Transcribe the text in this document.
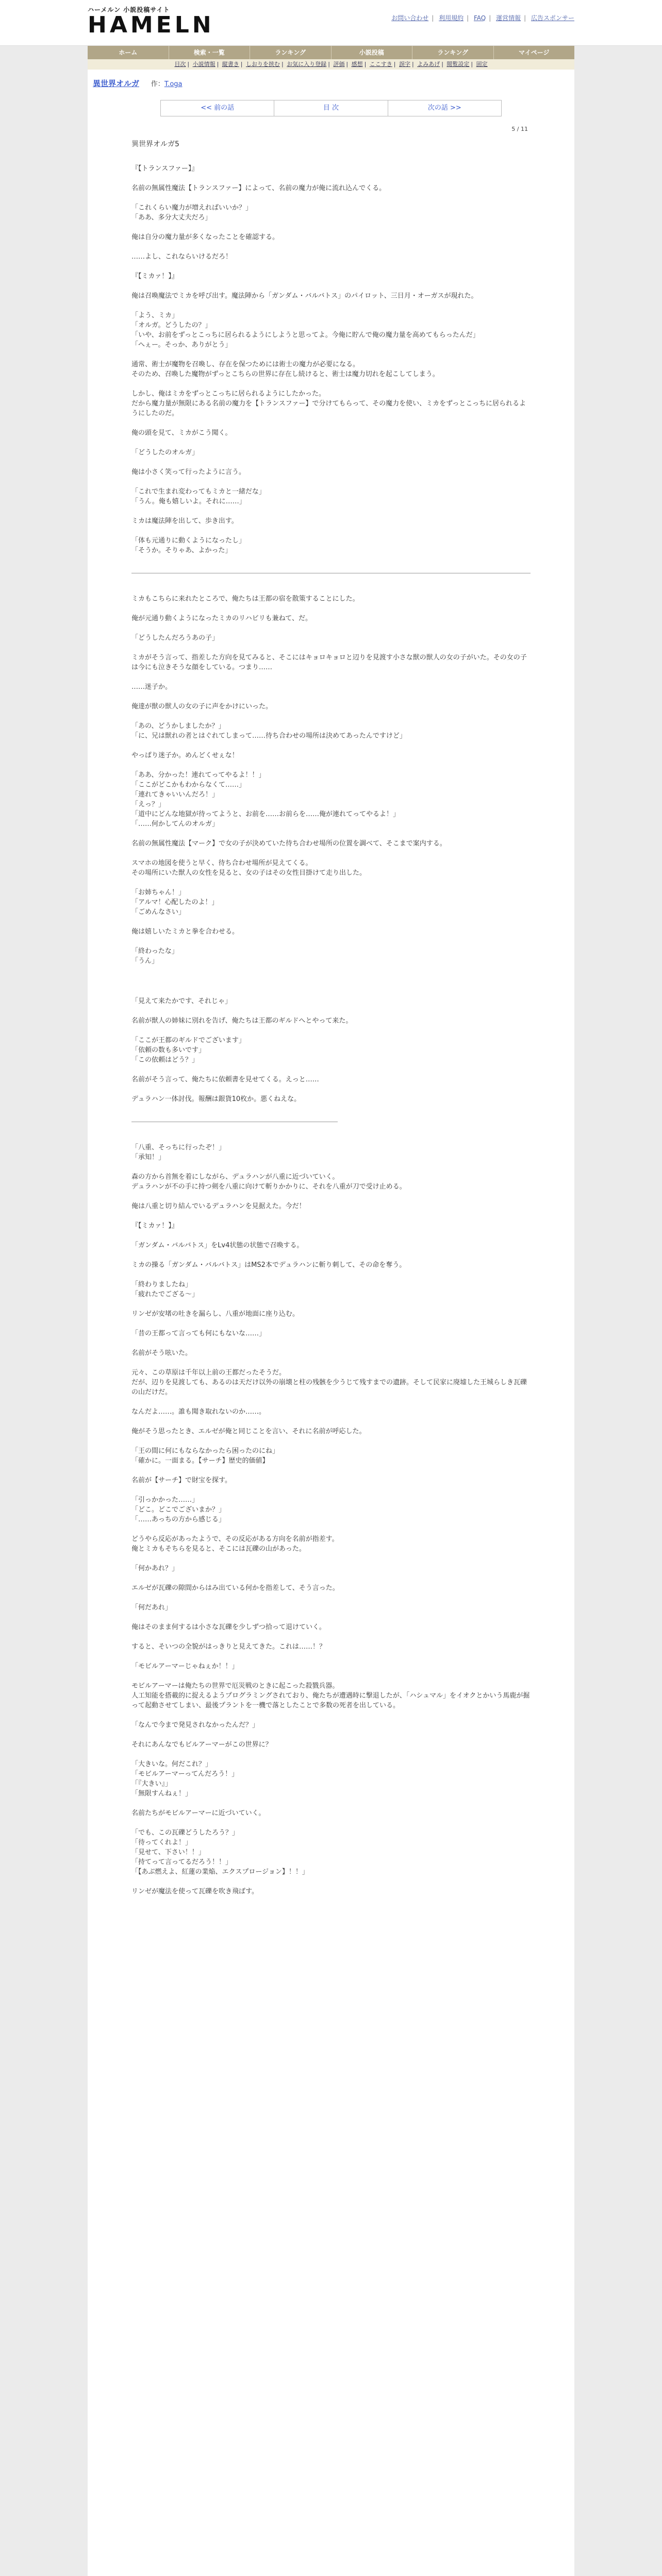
ハーメルン 小説投稿サイト
HAMELN	お問い合わせ | 利用規約 | FAQ | 運営情報 | 広告スポンサー
ホーム	検索・一覧	ランキング	小説投稿	ランキング	マイページ
目次 | 小説情報 | 縦書き | しおりを挟む | お気に入り登録 | 評価 | 感想 | ここすき | 誤字 | よみあげ | 閲覧設定 | 固定
異世界オルガ 作：T.oga
<< 前の話	目 次	次の話 >>
5 / 11
異世界オルガ5
『【トランスファー】』
名前の無属性魔法【トランスファー】によって、名前の魔力が俺に流れ込んでくる。
「これくらい魔力が増えればいいか？」
「ああ、多分大丈夫だろ」
俺は自分の魔力量が多くなったことを確認する。
……よし、これならいけるだろ！
『【ミカァ！】』
俺は召喚魔法でミカを呼び出す。魔法陣から「ガンダム・バルバトス」のパイロット、三日月・オーガスが現れた。
「よう、ミカ」
「オルガ。どうしたの？」
「いや、お前をずっとこっちに居られるようにしようと思ってよ。今俺に貯んで俺の魔力量を高めてもらったんだ」
「へぇー。そっか、ありがとう」
通常、術士が魔物を召喚し、存在を保つためには術士の魔力が必要になる。
そのため、召喚した魔物がずっとこちらの世界に存在し続けると、術士は魔力切れを起こしてしまう。
しかし、俺はミカをずっとこっちに居られるようにしたかった。
だから魔力量が無限にある名前の魔力を【トランスファー】で分けてもらって、その魔力を使い、ミカをずっとこっちに居られるようにしたのだ。
俺の頭を見て、ミカがこう聞く。
「どうしたのオルガ」
俺は小さく笑って行ったように言う。
「これで生まれ変わってもミカと一緒だな」
「うん。俺も嬉しいよ。それに……」
ミカは魔法陣を出して、歩き出す。
「体も元通りに動くようになったし」
「そうか。そりゃあ、よかった」
ミカもこちらに来れたところで、俺たちは王都の宿を散策することにした。
俺が元通り動くようになったミカのリハビリも兼ねて、だ。
「どうしたんだろうあの子」
ミカがそう言って、指差した方向を見てみると、そこにはキョロキョロと辺りを見渡す小さな獣の獣人の女の子がいた。その女の子は今にも泣きそうな顔をしている。つまり……
……迷子か。
俺達が獣の獣人の女の子に声をかけにいった。
「あの、どうかしましたか？」
「に、兄は獣れの者とはぐれてしまって……待ち合わせの場所は決めてあったんですけど」
やっぱり迷子か。めんどくせぇな！
「ああ、分かった！連れてってやるよ！！」
「ここがどこかもわからなくて……」
「連れてきゃいいんだろ！」
「えっ？」
「道中にどんな地獄が待ってようと、お前を……お前らを……俺が連れてってやるよ！」
「……何かしてんのオルガ」
名前の無属性魔法【マーク】で女の子が決めていた待ち合わせ場所の位置を調べて、そこまで案内する。
スマホの地図を使うと早く、待ち合わせ場所が見えてくる。
その場所にいた獣人の女性を見ると、女の子はその女性目掛けて走り出した。
「お姉ちゃん！」
「アルマ！心配したのよ！」
「ごめんなさい」
俺は嬉しいたミカと拳を合わせる。
「終わったな」
「うん」
「見えて来たかです、それじゃ」
名前が獣人の姉妹に別れを告げ、俺たちは王都のギルドへとやって来た。
「ここが王都のギルドでございます」
「依頼の数も多いです」
「この依頼はどう？」
名前がそう言って、俺たちに依頼書を見せてくる。えっと……
デュラハン一体討伐。報酬は銀貨10枚か。悪くねえな。
「八重、そっちに行ったぞ！」
「承知！」
森の方から首無を着にしながら、デュラハンが八重に近づいていく。
デュラハンが不の手に持つ剣を八重に向けて斬りかかりに、それを八重が刀で受け止める。
俺は八重と切り結んでいるデュラハンを見据えた。今だ！
『【ミカァ！】』
「ガンダム・バルバトス」をLv4状態の状態で召喚する。
ミカの操る「ガンダム・バルバトス」はMS2本でデュラハンに斬り刺して、その命を奪う。
「終わりましたね」
「疲れたでござる～」
リンゼが安堵の吐きを漏らし、八重が地面に座り込む。
「昔の王都って言っても何にもないな……」
名前がそう呟いた。
元々、この草原は千年以上前の王都だったそうだ。
だが、辺りを見渡しても、あるのは天だけ以外の崩壊と柱の残骸を少うじて残すまでの遺跡。そして民家に廃墟した王城らしき瓦礫の山だけだ。
なんだよ……。誰も聞き取れないのか……。
俺がそう思ったとき、エルゼが俺と同じことを言い、それに名前が呼応した。
「王の間に何にもならなかったら困ったのにね」
「確かに。一面まる。【サーチ】歴史的価値】
名前が【サーチ】で財宝を探す。
「引っかかった……」
「どこ。どこでございまか？」
「……あっちの方から感じる」
どうやら反応があったようで、その反応がある方向を名前が指差す。
俺とミカもそちらを見ると、そこには瓦礫の山があった。
「何かあれ？」
エルゼが瓦礫の隙間からはみ出ている何かを指差して、そう言った。
「何だあれ」
俺はそのまま何するは小さな瓦礫を少しずつ拾って退けていく。
すると、そいつの全貌がはっきりと見えてきた。これは……！？
「モビルアーマーじゃねぇか！！」
モビルアーマーは俺たちの世界で厄災戦のときに起こった殺戮兵器。
人工知能を搭載的に捉えるようプログラミングされており、俺たちが遭遇時に撃退したが、「ハシュマル」をイオクとかいう馬鹿が掘って起動させてしまい、最後プラントを一機で落としたことで多数の死者を出している。
「なんで今まで発見されなかったんだ？」
それにあんなでもビルアーマーがこの世界に？
「大きいな。何だこれ？」
「モビルアーマーってんだろう！」
「『大きい』」
「無限すんねぇ！」
名前たちがモビルアーマーに近づいていく。
「でも、この瓦礫どうしたろう？」
「待ってくれよ！」
「見せて、下さい！！」
「持てって言ってるだろう！！」
「【あぶ燃えよ、紅蓮の業焔、エクスプロージョン】！！」
リンゼが魔法を使って瓦礫を吹き飛ばす。
